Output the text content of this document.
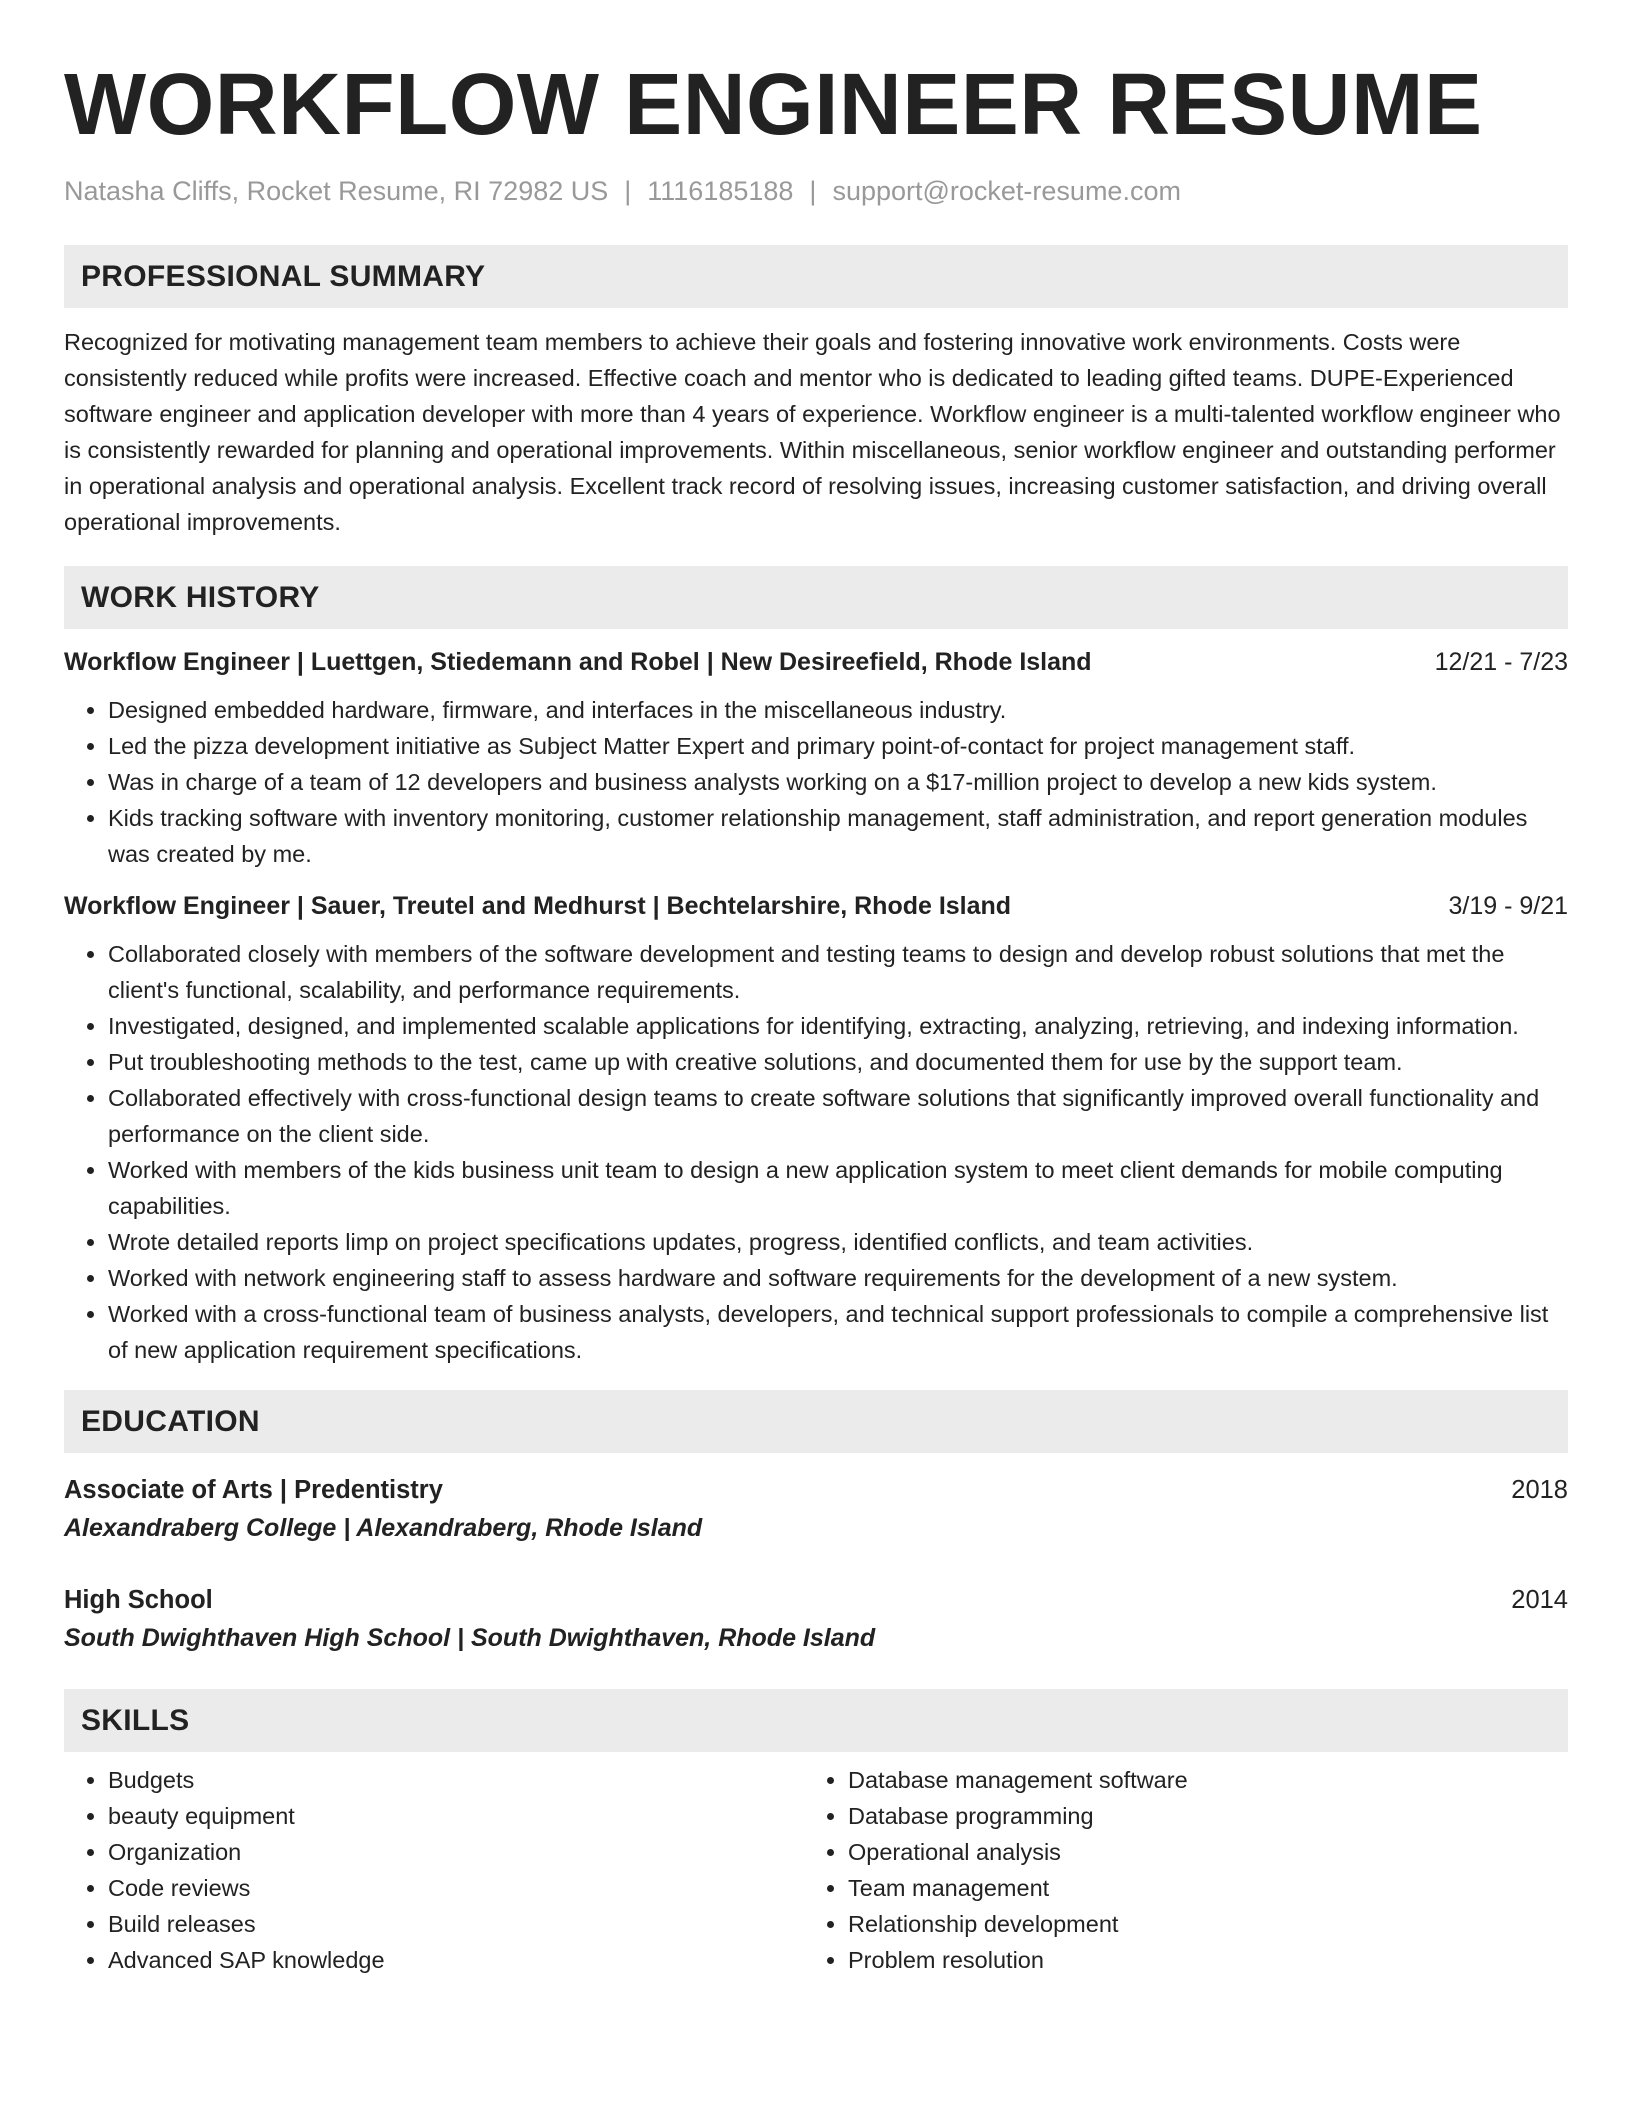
WORKFLOW ENGINEER RESUME
Natasha Cliffs, Rocket Resume, RI 72982 US | 1116185188 | support@rocket-resume.com
PROFESSIONAL SUMMARY

Recognized for motivating management team members to achieve their goals and fostering innovative work environments. Costs were consistently reduced while profits were increased. Effective coach and mentor who is dedicated to leading gifted teams. DUPE-Experienced software engineer and application developer with more than 4 years of experience. Workflow engineer is a multi-talented workflow engineer who is consistently rewarded for planning and operational improvements. Within miscellaneous, senior workflow engineer and outstanding performer in operational analysis and operational analysis. Excellent track record of resolving issues, increasing customer satisfaction, and driving overall operational improvements.

WORK HISTORY
Workflow Engineer | Luettgen, Stiedemann and Robel | New Desireefield, Rhode Island	12/21 - 7/23
• Designed embedded hardware, firmware, and interfaces in the miscellaneous industry.
• Led the pizza development initiative as Subject Matter Expert and primary point-of-contact for project management staff.
• Was in charge of a team of 12 developers and business analysts working on a $17-million project to develop a new kids system.
• Kids tracking software with inventory monitoring, customer relationship management, staff administration, and report generation modules was created by me.
Workflow Engineer | Sauer, Treutel and Medhurst | Bechtelarshire, Rhode Island	3/19 - 9/21
• Collaborated closely with members of the software development and testing teams to design and develop robust solutions that met the client's functional, scalability, and performance requirements.
• Investigated, designed, and implemented scalable applications for identifying, extracting, analyzing, retrieving, and indexing information.
• Put troubleshooting methods to the test, came up with creative solutions, and documented them for use by the support team.
• Collaborated effectively with cross-functional design teams to create software solutions that significantly improved overall functionality and performance on the client side.
• Worked with members of the kids business unit team to design a new application system to meet client demands for mobile computing capabilities.
• Wrote detailed reports limp on project specifications updates, progress, identified conflicts, and team activities.
• Worked with network engineering staff to assess hardware and software requirements for the development of a new system.
• Worked with a cross-functional team of business analysts, developers, and technical support professionals to compile a comprehensive list of new application requirement specifications.
EDUCATION
Associate of Arts | Predentistry	2018
Alexandraberg College | Alexandraberg, Rhode Island
High School	2014
South Dwighthaven High School | South Dwighthaven, Rhode Island
SKILLS
• Budgets
• beauty equipment
• Organization
• Code reviews
• Build releases
• Advanced SAP knowledge
• Database management software
• Database programming
• Operational analysis
• Team management
• Relationship development
• Problem resolution
